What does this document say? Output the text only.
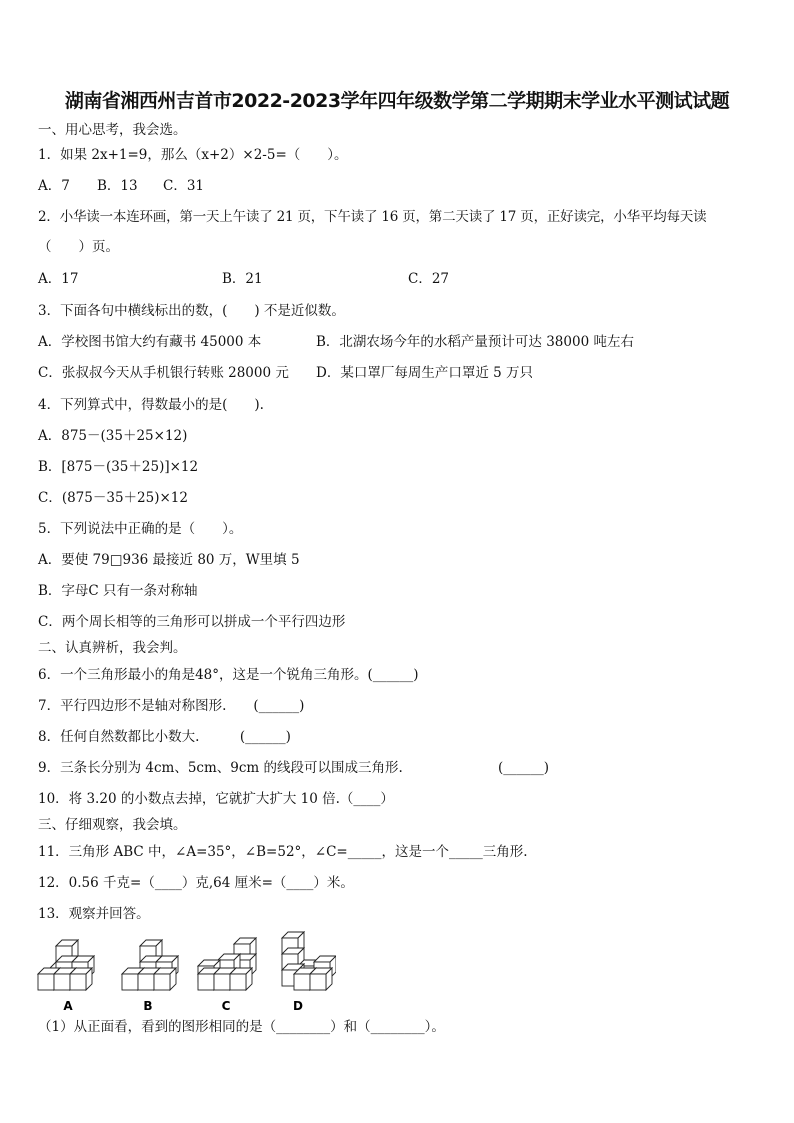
湖南省湘西州吉首市2022-2023学年四年级数学第二学期期末学业水平测试试题
一、用心思考，我会选。
1．如果 2x+1=9，那么（x+2）×2-5=（　　）。
A．7 B．13 C．31
2．小华读一本连环画，第一天上午读了 21 页，下午读了 16 页，第二天读了 17 页，正好读完，小华平均每天读
（　　）页。
A．17	B．21	C．27
3．下面各句中横线标出的数，(　　) 不是近似数。
A．学校图书馆大约有藏书 45000 本	B．北湖农场今年的水稻产量预计可达 38000 吨左右
C．张叔叔今天从手机银行转账 28000 元 D．某口罩厂每周生产口罩近 5 万只
4．下列算式中，得数最小的是(　　).
A．875－(35＋25×12)
B．[875－(35＋25)]×12
C．(875－35＋25)×12
5．下列说法中正确的是（　　）。
A．要使 79□936 最接近 80 万，W里填 5
B．字母C 只有一条对称轴
C．两个周长相等的三角形可以拼成一个平行四边形
二、认真辨析，我会判。
6．一个三角形最小的角是48°，这是一个锐角三角形。(______)
7．平行四边形不是轴对称图形.　　(______)
8．任何自然数都比小数大.　　　(______)
9．三条长分别为 4cm、5cm、9cm 的线段可以围成三角形.	(______)
10．将 3.20 的小数点去掉，它就扩大扩大 10 倍.（____）
三、仔细观察，我会填。
11．三角形 ABC 中，∠A=35°，∠B=52°，∠C=_____，这是一个_____三角形.
12．0.56 千克=（____）克,64 厘米=（____）米。
13．观察并回答。
A	B	C	D
（1）从正面看，看到的图形相同的是（________）和（________）。
